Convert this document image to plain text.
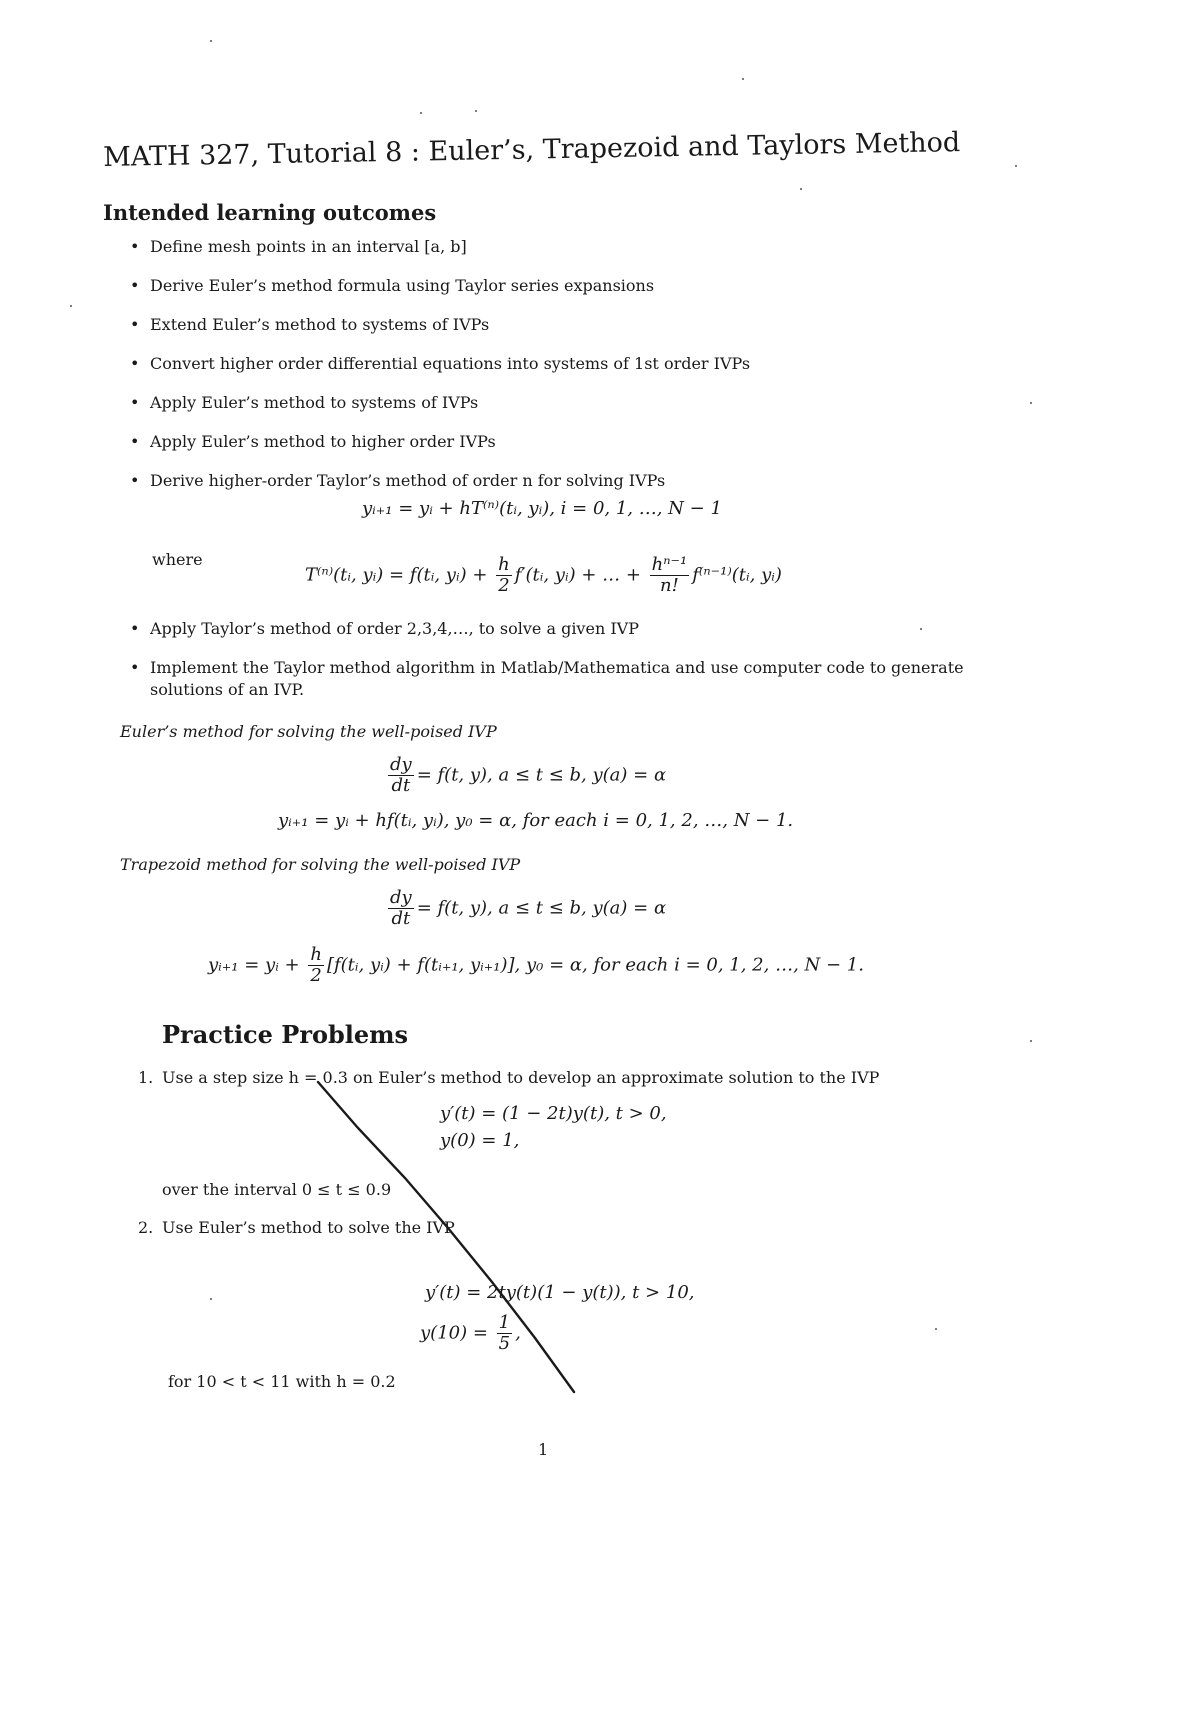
MATH 327, Tutorial 8 : Euler’s, Trapezoid and Taylors Method
Intended learning outcomes
• Define mesh points in an interval [a, b]
• Derive Euler’s method formula using Taylor series expansions
• Extend Euler’s method to systems of IVPs
• Convert higher order differential equations into systems of 1st order IVPs
• Apply Euler’s method to systems of IVPs
• Apply Euler’s method to higher order IVPs
• Derive higher-order Taylor’s method of order n for solving IVPs
yᵢ₊₁ = yᵢ + hT⁽ⁿ⁾(tᵢ, yᵢ), i = 0, 1, …, N − 1
where
T⁽ⁿ⁾(tᵢ, yᵢ) = f(tᵢ, yᵢ) + $\frac{h}{2}$ f′(tᵢ, yᵢ) + … + $\frac{\text{hⁿ⁻¹}}{n!}$ f⁽ⁿ⁻¹⁾(tᵢ, yᵢ)
• Apply Taylor’s method of order 2,3,4,…, to solve a given IVP
• Implement the Taylor method algorithm in Matlab/Mathematica and use computer code to generate solutions of an IVP.
Euler’s method for solving the well-poised IVP
$\frac{dy}{dt} = f(t$, y), a ≤ t ≤ b, y(a) = α
yᵢ₊₁ = yᵢ + hf(tᵢ, yᵢ), y₀ = α, for each i = 0, 1, 2, …, N − 1.
Trapezoid method for solving the well-poised IVP
$\frac{dy}{dt} = f(t$, y), a ≤ t ≤ b, y(a) = α
yᵢ₊₁ = yᵢ + $\frac{h}{2}$ [f(tᵢ, yᵢ) + f(tᵢ₊₁, yᵢ₊₁)], y₀ = α, for each i = 0, 1, 2, …, N − 1.
Practice Problems
1. Use a step size h = 0.3 on Euler’s method to develop an approximate solution to the IVP
y′(t) = (1 − 2t)y(t), t > 0,
y(0) = 1,
over the interval 0 ≤ t ≤ 0.9
2. Use Euler’s method to solve the IVP
y′(t) = 2ty(t)(1 − y(t)), t > 10,
$y(10) = \frac{1}{5}$ ,
for 10 < t < 11 with h = 0.2
1
